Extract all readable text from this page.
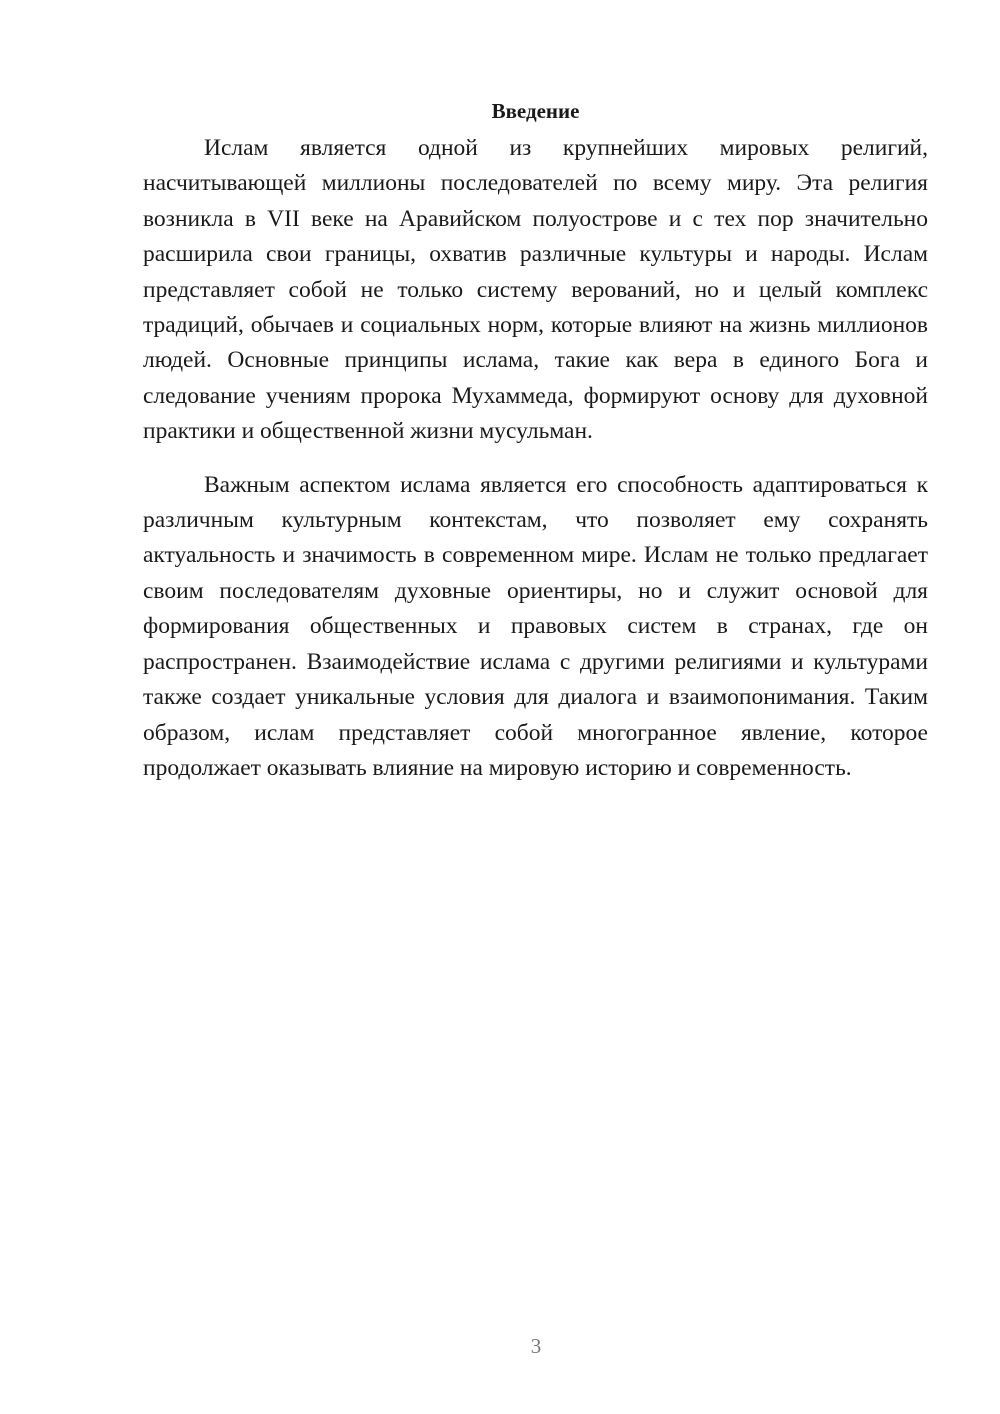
Введение

Ислам является одной из крупнейших мировых религий, насчитывающей миллионы последователей по всему миру. Эта религия возникла в VII веке на Аравийском полуострове и с тех пор значительно расширила свои границы, охватив различные культуры и народы. Ислам представляет собой не только систему верований, но и целый комплекс традиций, обычаев и социальных норм, которые влияют на жизнь миллионов людей. Основные принципы ислама, такие как вера в единого Бога и следование учениям пророка Мухаммеда, формируют основу для духовной практики и общественной жизни мусульман.

Важным аспектом ислама является его способность адаптироваться к различным культурным контекстам, что позволяет ему сохранять актуальность и значимость в современном мире. Ислам не только предлагает своим последователям духовные ориентиры, но и служит основой для формирования общественных и правовых систем в странах, где он распространен. Взаимодействие ислама с другими религиями и культурами также создает уникальные условия для диалога и взаимопонимания. Таким образом, ислам представляет собой многогранное явление, которое продолжает оказывать влияние на мировую историю и современность.

3
